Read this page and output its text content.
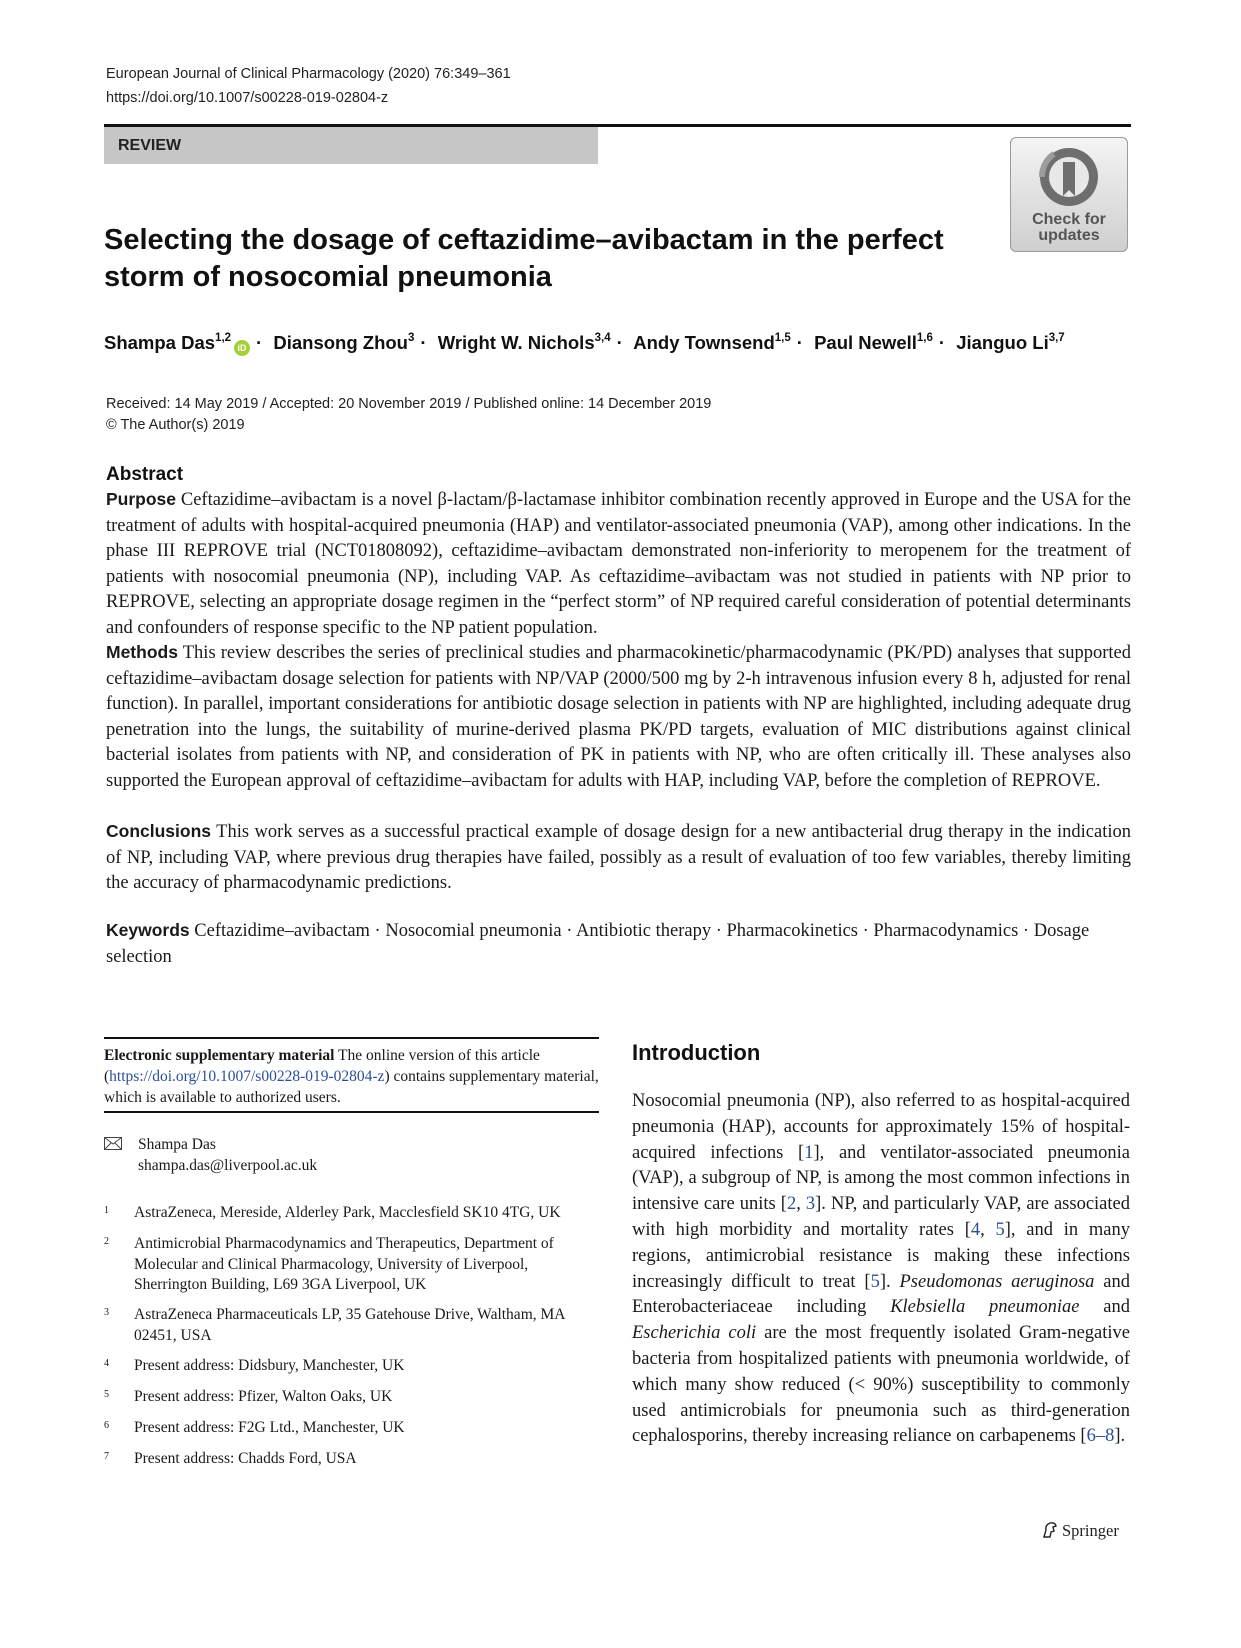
European Journal of Clinical Pharmacology (2020) 76:349–361
https://doi.org/10.1007/s00228-019-02804-z
REVIEW
Check for updates
Selecting the dosage of ceftazidime–avibactam in the perfect storm of nosocomial pneumonia
Shampa Das$^{1,2}$iD · Diansong Zhou$^3$ · Wright W. Nichols$^{3,4}$ · Andy Townsend$^{1,5}$ · Paul Newell$^{1,6}$ · Jianguo Li$^{3,7}$
Received: 14 May 2019 / Accepted: 20 November 2019 / Published online: 14 December 2019
© The Author(s) 2019
Abstract
Purpose Ceftazidime–avibactam is a novel β-lactam/β-lactamase inhibitor combination recently approved in Europe and the USA for the treatment of adults with hospital-acquired pneumonia (HAP) and ventilator-associated pneumonia (VAP), among other indications. In the phase III REPROVE trial (NCT01808092), ceftazidime–avibactam demonstrated non-inferiority to meropenem for the treatment of patients with nosocomial pneumonia (NP), including VAP. As ceftazidime–avibactam was not studied in patients with NP prior to REPROVE, selecting an appropriate dosage regimen in the “perfect storm” of NP required careful consideration of potential determinants and confounders of response specific to the NP patient population.
Methods This review describes the series of preclinical studies and pharmacokinetic/pharmacodynamic (PK/PD) analyses that supported ceftazidime–avibactam dosage selection for patients with NP/VAP (2000/500 mg by 2-h intravenous infusion every 8 h, adjusted for renal function). In parallel, important considerations for antibiotic dosage selection in patients with NP are highlighted, including adequate drug penetration into the lungs, the suitability of murine-derived plasma PK/PD targets, evaluation of MIC distributions against clinical bacterial isolates from patients with NP, and consideration of PK in patients with NP, who are often critically ill. These analyses also supported the European approval of ceftazidime–avibactam for adults with HAP, including VAP, before the completion of REPROVE.
Conclusions This work serves as a successful practical example of dosage design for a new antibacterial drug therapy in the indication of NP, including VAP, where previous drug therapies have failed, possibly as a result of evaluation of too few variables, thereby limiting the accuracy of pharmacodynamic predictions.
Keywords Ceftazidime–avibactam · Nosocomial pneumonia · Antibiotic therapy · Pharmacokinetics · Pharmacodynamics · Dosage selection
Electronic supplementary material The online version of this article (https://doi.org/10.1007/s00228-019-02804-z) contains supplementary material, which is available to authorized users.
Shampa Das
shampa.das@liverpool.ac.uk
1 AstraZeneca, Mereside, Alderley Park, Macclesfield SK10 4TG, UK
2 Antimicrobial Pharmacodynamics and Therapeutics, Department of Molecular and Clinical Pharmacology, University of Liverpool, Sherrington Building, L69 3GA Liverpool, UK
3 AstraZeneca Pharmaceuticals LP, 35 Gatehouse Drive, Waltham, MA 02451, USA
4 Present address: Didsbury, Manchester, UK
5 Present address: Pfizer, Walton Oaks, UK
6 Present address: F2G Ltd., Manchester, UK
7 Present address: Chadds Ford, USA
Introduction
Nosocomial pneumonia (NP), also referred to as hospital-acquired pneumonia (HAP), accounts for approximately 15% of hospital-acquired infections [1], and ventilator-associated pneumonia (VAP), a subgroup of NP, is among the most common infections in intensive care units [2, 3]. NP, and particularly VAP, are associated with high morbidity and mortality rates [4, 5], and in many regions, antimicrobial resistance is making these infections increasingly difficult to treat [5]. Pseudomonas aeruginosa and Enterobacteriaceae including Klebsiella pneumoniae and Escherichia coli are the most frequently isolated Gram-negative bacteria from hospitalized patients with pneumonia worldwide, of which many show reduced (< 90%) susceptibility to commonly used antimicrobials for pneumonia such as third-generation cephalosporins, thereby increasing reliance on carbapenems [6–8].
Springer
